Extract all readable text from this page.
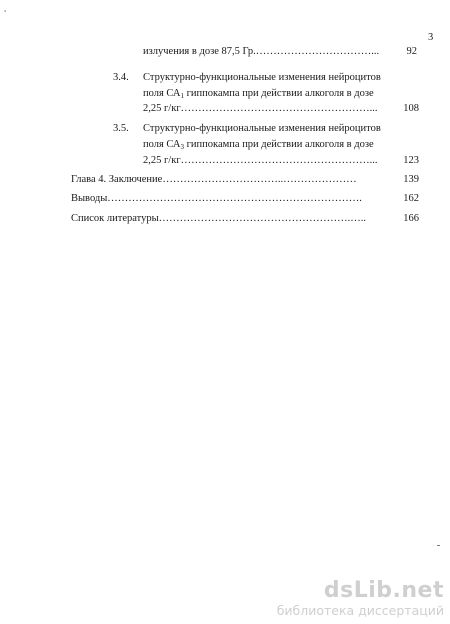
'
3
излучения в дозе 87,5 Гр.……………………………...	92
3.4. Структурно-функциональные изменения нейроцитов
поля $СА_1$ гиппокампа при действии алкоголя в дозе
2,25 г/кг………………………………………………...	108
3.5. Структурно-функциональные изменения нейроцитов
поля $СА_3$ гиппокампа при действии алкоголя в дозе
2,25 г/кг………………………………………………...	123
Глава 4. Заключение……………………………..…………………	139
Выводы……………………………………………………………….	162
Список литературы……………………………………………….…..	166
dsLib.net
библиотека диссертаций
